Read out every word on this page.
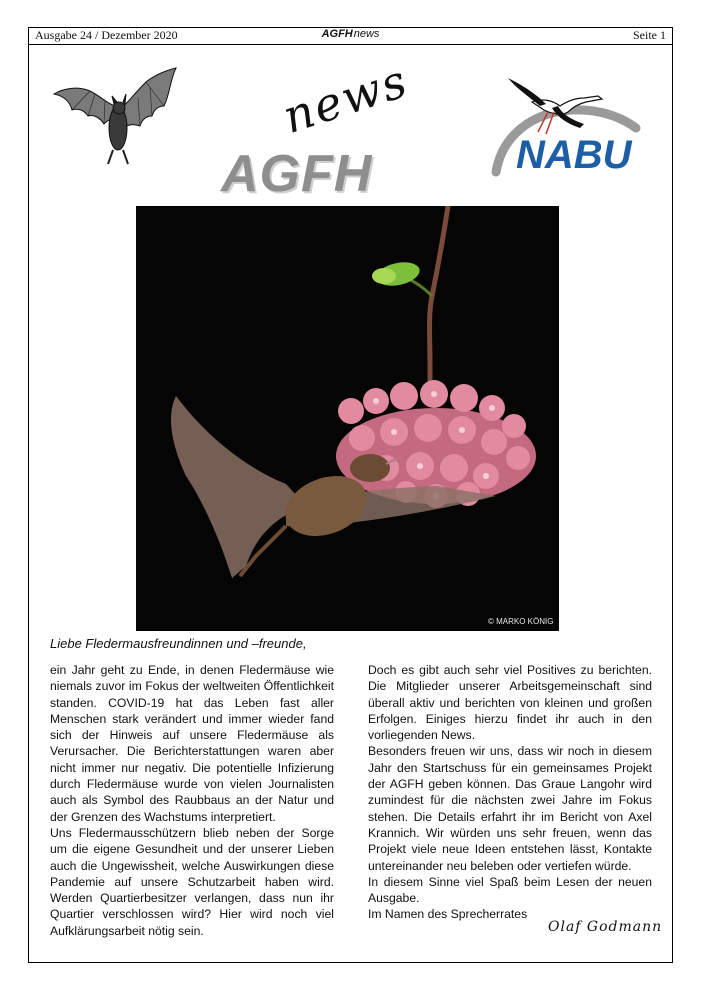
Ausgabe 24 / Dezember 2020	AGFHnews	Seite 1
news
AGFH	NABU
© MARKO KÖNIG
Liebe Fledermausfreundinnen und –freunde,

ein Jahr geht zu Ende, in denen Fledermäuse wie niemals zuvor im Fokus der weltweiten Öffentlichkeit standen. COVID-19 hat das Leben fast aller Menschen stark verändert und immer wieder fand sich der Hinweis auf unsere Fledermäuse als Verursacher. Die Berichterstattungen waren aber nicht immer nur negativ. Die potentielle Infizierung durch Fledermäuse wurde von vielen Journalisten auch als Symbol des Raubbaus an der Natur und der Grenzen des Wachstums interpretiert.

Uns Fledermausschützern blieb neben der Sorge um die eigene Gesundheit und der unserer Lieben auch die Ungewissheit, welche Auswirkungen diese Pandemie auf unsere Schutzarbeit haben wird. Werden Quartierbesitzer verlangen, dass nun ihr Quartier verschlossen wird? Hier wird noch viel Aufklärungsarbeit nötig sein.

Doch es gibt auch sehr viel Positives zu berichten. Die Mitglieder unserer Arbeitsgemeinschaft sind überall aktiv und berichten von kleinen und großen Erfolgen. Einiges hierzu findet ihr auch in den vorliegenden News.

Besonders freuen wir uns, dass wir noch in diesem Jahr den Startschuss für ein gemeinsames Projekt der AGFH geben können. Das Graue Langohr wird zumindest für die nächsten zwei Jahre im Fokus stehen. Die Details erfahrt ihr im Bericht von Axel Krannich. Wir würden uns sehr freuen, wenn das Projekt viele neue Ideen entstehen lässt, Kontakte untereinander neu beleben oder vertiefen würde.

In diesem Sinne viel Spaß beim Lesen der neuen Ausgabe.

Im Namen des Sprecherrates

Olaf Godmann
